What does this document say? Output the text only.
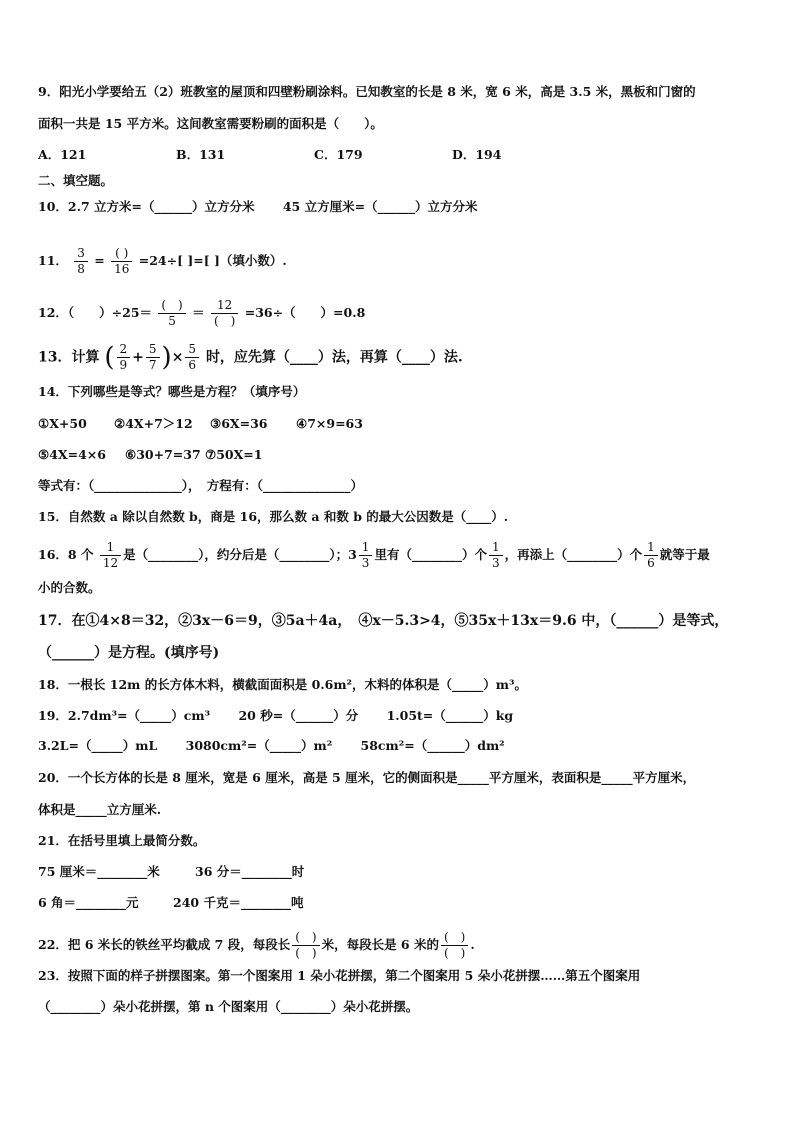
9．阳光小学要给五（2）班教室的屋顶和四壁粉刷涂料。已知教室的长是 8 米，宽 6 米，高是 3.5 米，黑板和门窗的
面积一共是 15 平方米。这间教室需要粉刷的面积是（　　）。
A．121	B．131	C．179	D．194
二、填空题。
10．2.7 立方米=（______）立方分米 45 立方厘米=（______）立方分米
11． $\frac{3}{8} = \frac{( )}{16} =24\div$[ ]=[ ]（填小数）.
12．（　　）$\div 25= \frac{( )}{5} = \frac{12}{( )} =36\div$（　　）=0.8
13．计算 ( $\frac{2}{9} + \frac{5}{7}$ )× $\frac{5}{6}$ 时，应先算（____）法，再算（____）法.
14．下列哪些是等式？哪些是方程？（填序号）
①X+50 ②4X+7＞12 ③6X=36 ④7×9=63
⑤4X=4×6 ⑥30+7=37 ⑦50X=1
等式有：（______________），　方程有：（______________）
15．自然数 a 除以自然数 b，商是 16，那么数 a 和数 b 的最大公因数是（____）.
16．8 个 $\frac{1}{12}$ 是（________），约分后是（________）；$3 \frac{1}{3}$ 里有（________）个 $\frac{1}{3}$ ，再添上（________）个 $\frac{1}{6}$ 就等于最
小的合数。
17．在①4×8＝32，②3x－6＝9，③5a＋4a，　④x－5.3>4，⑤35x＋13x＝9.6 中，（______）是等式，
（______）是方程。(填序号)
18．一根长 12m 的长方体木料，横截面面积是 0.6m²，木料的体积是（_____）m³。
19．2.7dm³=（_____）cm³ 20 秒=（______）分 1.05t=（______）kg
3.2L=（_____）mL 3080cm²=（_____）m² 58cm²=（______）dm²
20．一个长方体的长是 8 厘米，宽是 6 厘米，高是 5 厘米，它的侧面积是_____平方厘米，表面积是_____平方厘米，
体积是_____立方厘米.
21．在括号里填上最简分数。
75 厘米＝________米	36 分＝________时
6 角＝________元	240 千克＝________吨
22．把 6 米长的铁丝平均截成 7 段，每段长 $\frac{( )}{( )}$ 米，每段长是 6 米的 $\frac{( )}{( )}$ .
23．按照下面的样子拼摆图案。第一个图案用 1 朵小花拼摆，第二个图案用 5 朵小花拼摆……第五个图案用
（________）朵小花拼摆，第 n 个图案用（________）朵小花拼摆。
